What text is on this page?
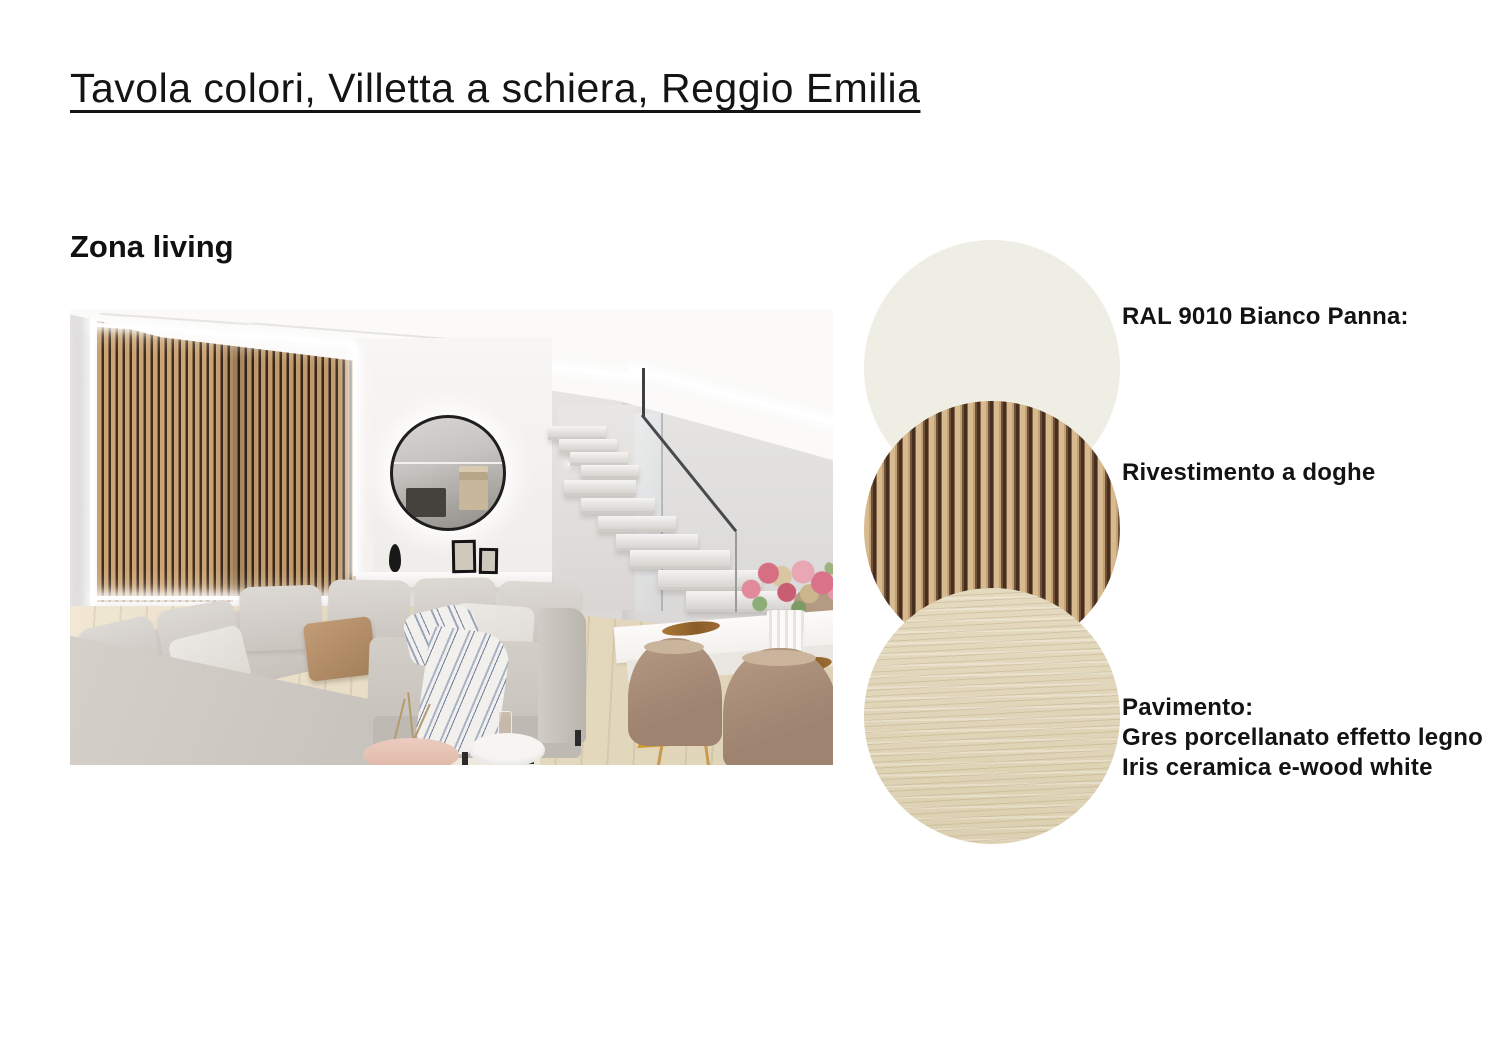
Tavola colori, Villetta a schiera, Reggio Emilia
Zona living
RAL 9010 Bianco Panna:
Rivestimento a doghe
Pavimento:
Gres porcellanato effetto legno
Iris ceramica e-wood white
